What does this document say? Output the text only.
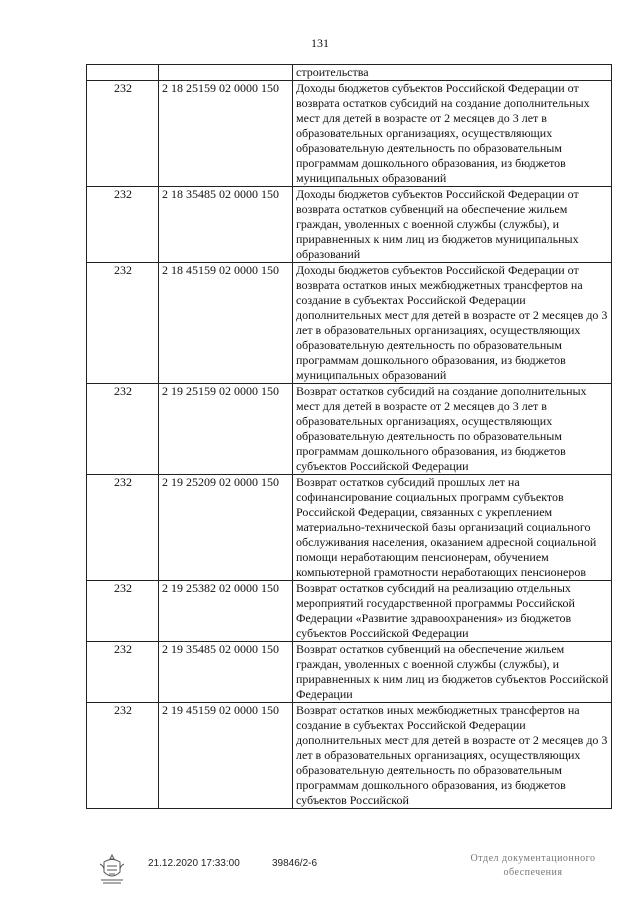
131
		строительства
232	2 18 25159 02 0000 150	Доходы бюджетов субъектов Российской Федерации от возврата остатков субсидий на создание дополнительных мест для детей в возрасте от 2 месяцев до 3 лет в образовательных организациях, осуществляющих образовательную деятельность по образовательным программам дошкольного образования, из бюджетов муниципальных образований
232	2 18 35485 02 0000 150	Доходы бюджетов субъектов Российской Федерации от возврата остатков субвенций на обеспечение жильем граждан, уволенных с военной службы (службы), и приравненных к ним лиц из бюджетов муниципальных образований
232	2 18 45159 02 0000 150	Доходы бюджетов субъектов Российской Федерации от возврата остатков иных межбюджетных трансфертов на создание в субъектах Российской Федерации дополнительных мест для детей в возрасте от 2 месяцев до 3 лет в образовательных организациях, осуществляющих образовательную деятельность по образовательным программам дошкольного образования, из бюджетов муниципальных образований
232	2 19 25159 02 0000 150	Возврат остатков субсидий на создание дополнительных мест для детей в возрасте от 2 месяцев до 3 лет в образовательных организациях, осуществляющих образовательную деятельность по образовательным программам дошкольного образования, из бюджетов субъектов Российской Федерации
232	2 19 25209 02 0000 150	Возврат остатков субсидий прошлых лет на софинансирование социальных программ субъектов Российской Федерации, связанных с укреплением материально-технической базы организаций социального обслуживания населения, оказанием адресной социальной помощи неработающим пенсионерам, обучением компьютерной грамотности неработающих пенсионеров
232	2 19 25382 02 0000 150	Возврат остатков субсидий на реализацию отдельных мероприятий государственной программы Российской Федерации «Развитие здравоохранения» из бюджетов субъектов Российской Федерации
232	2 19 35485 02 0000 150	Возврат остатков субвенций на обеспечение жильем граждан, уволенных с военной службы (службы), и приравненных к ним лиц из бюджетов субъектов Российской Федерации
232	2 19 45159 02 0000 150	Возврат остатков иных межбюджетных трансфертов на создание в субъектах Российской Федерации дополнительных мест для детей в возрасте от 2 месяцев до 3 лет в образовательных организациях, осуществляющих образовательную деятельность по образовательным программам дошкольного образования, из бюджетов субъектов Российской
21.12.2020 17:33:00	39846/2-6	Отдел документационного
обеспечения
